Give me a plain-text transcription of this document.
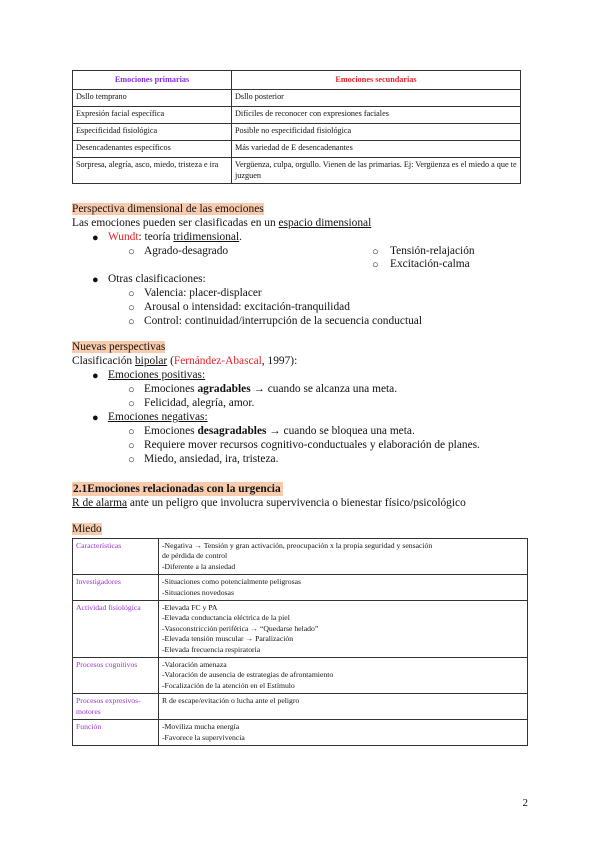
Emociones primarias	Emociones secundarias
Dsllo temprano	Dsllo posterior
Expresión facial específica	Difíciles de reconocer con expresiones faciales
Especificidad fisiológica	Posible no especificidad fisiológica
Desencadenantes específicos	Más variedad de E desencadenantes
Sorpresa, alegría, asco, miedo, tristeza e ira	Vergüenza, culpa, orgullo. Vienen de las primarias. Ej: Vergüenza es el miedo a que te juzguen
Perspectiva dimensional de las emociones
Las emociones pueden ser clasificadas en un espacio dimensional
● Wundt: teoría tridimensional.
○ Agrado-desagrado	○ Tensión-relajación
○ Excitación-calma
● Otras clasificaciones:
○ Valencia: placer-displacer
○ Arousal o intensidad: excitación-tranquilidad
○ Control: continuidad/interrupción de la secuencia conductual
Nuevas perspectivas
Clasificación bipolar (Fernández-Abascal, 1997):
● Emociones positivas:
○ Emociones agradables → cuando se alcanza una meta.
○ Felicidad, alegría, amor.
● Emociones negativas:
○ Emociones desagradables → cuando se bloquea una meta.
○ Requiere mover recursos cognitivo-conductuales y elaboración de planes.
○ Miedo, ansiedad, ira, tristeza.
2.1Emociones relacionadas con la urgencia
R de alarma ante un peligro que involucra supervivencia o bienestar físico/psicológico
Miedo
Características	-Negativa → Tensión y gran activación, preocupación x la propia seguridad y sensación
de pérdida de control
-Diferente a la ansiedad

Investigadores	-Situaciones como potencialmente peligrosas
-Situaciones novedosas

Actividad fisiológica	-Elevada FC y PA
-Elevada conductancia eléctrica de la piel
-Vasoconstricción periférica → “Quedarse helado”
-Elevada tensión muscular → Paralización
-Elevada frecuencia respiratoria

Procesos cognitivos	-Valoración amenaza
-Valoración de ausencia de estrategias de afrontamiento
-Focalización de la atención en el Estímulo

Procesos expresivos-motores	R de escape/evitación o lucha ante el peligro

Función	-Moviliza mucha energía
-Favorece la supervivencia
2
